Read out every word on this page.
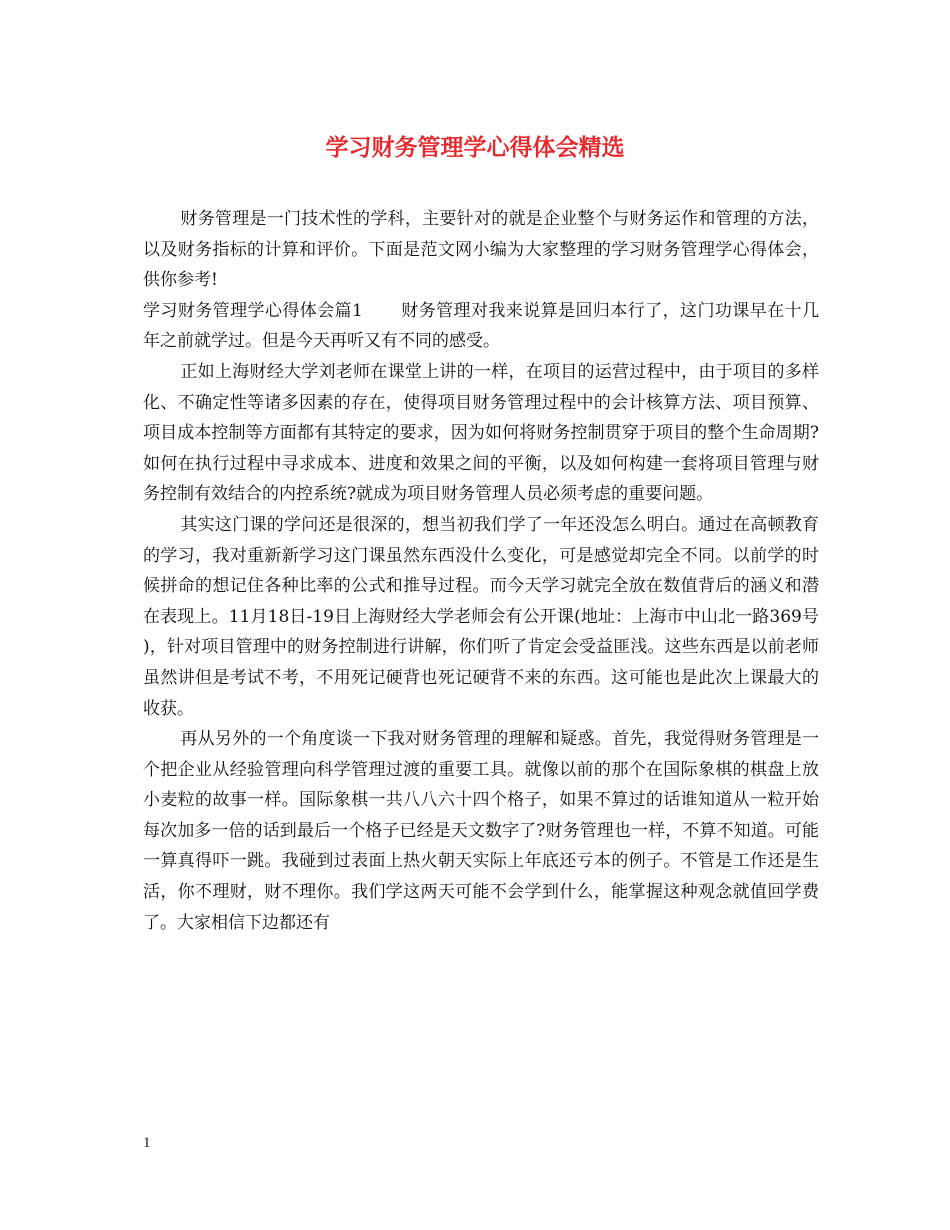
学习财务管理学心得体会精选

财务管理是一门技术性的学科，主要针对的就是企业整个与财务运作和管理的方法，以及财务指标的计算和评价。下面是范文网小编为大家整理的学习财务管理学心得体会，供你参考!

学习财务管理学心得体会篇1 财务管理对我来说算是回归本行了，这门功课早在十几年之前就学过。但是今天再听又有不同的感受。

正如上海财经大学刘老师在课堂上讲的一样，在项目的运营过程中，由于项目的多样化、不确定性等诸多因素的存在，使得项目财务管理过程中的会计核算方法、项目预算、项目成本控制等方面都有其特定的要求，因为如何将财务控制贯穿于项目的整个生命周期?如何在执行过程中寻求成本、进度和效果之间的平衡，以及如何构建一套将项目管理与财务控制有效结合的内控系统?就成为项目财务管理人员必须考虑的重要问题。

其实这门课的学问还是很深的，想当初我们学了一年还没怎么明白。通过在高顿教育的学习，我对重新新学习这门课虽然东西没什么变化，可是感觉却完全不同。以前学的时候拼命的想记住各种比率的公式和推导过程。而今天学习就完全放在数值背后的涵义和潜在表现上。11月18日-19日上海财经大学老师会有公开课(地址：上海市中山北一路369号 )，针对项目管理中的财务控制进行讲解，你们听了肯定会受益匪浅。这些东西是以前老师虽然讲但是考试不考，不用死记硬背也死记硬背不来的东西。这可能也是此次上课最大的收获。

再从另外的一个角度谈一下我对财务管理的理解和疑惑。首先，我觉得财务管理是一个把企业从经验管理向科学管理过渡的重要工具。就像以前的那个在国际象棋的棋盘上放小麦粒的故事一样。国际象棋一共八八六十四个格子，如果不算过的话谁知道从一粒开始每次加多一倍的话到最后一个格子已经是天文数字了?财务管理也一样，不算不知道。可能一算真得吓一跳。我碰到过表面上热火朝天实际上年底还亏本的例子。不管是工作还是生活，你不理财，财不理你。我们学这两天可能不会学到什么，能掌握这种观念就值回学费了。大家相信下边都还有

1
